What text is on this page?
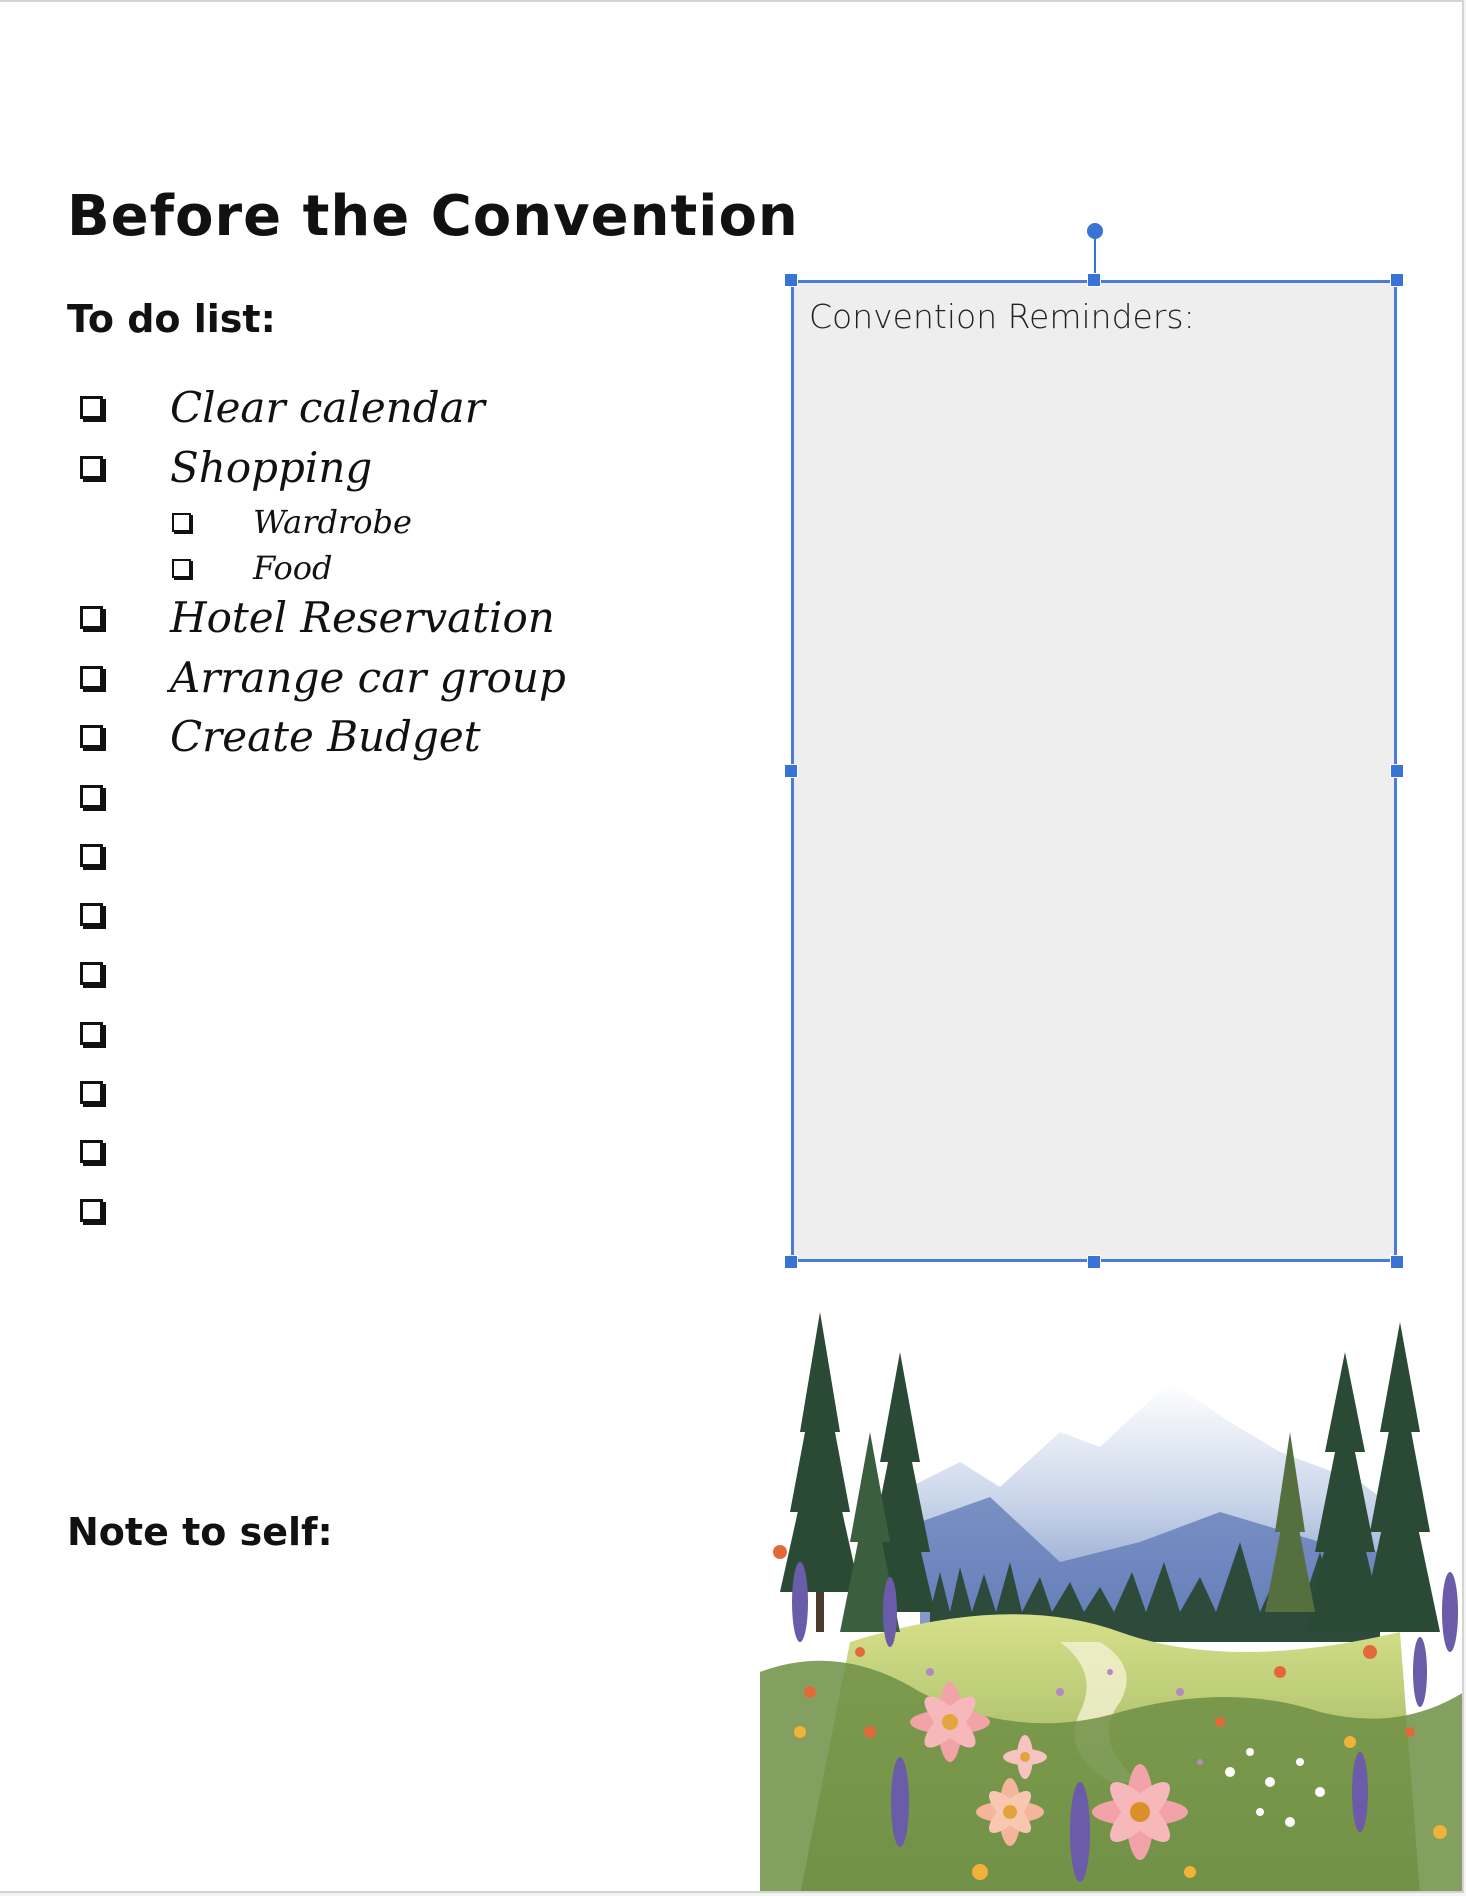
Before the Convention
To do list:
Clear calendar
Shopping
Wardrobe
Food
Hotel Reservation
Arrange car group
Create Budget
Note to self:
Convention Reminders:
